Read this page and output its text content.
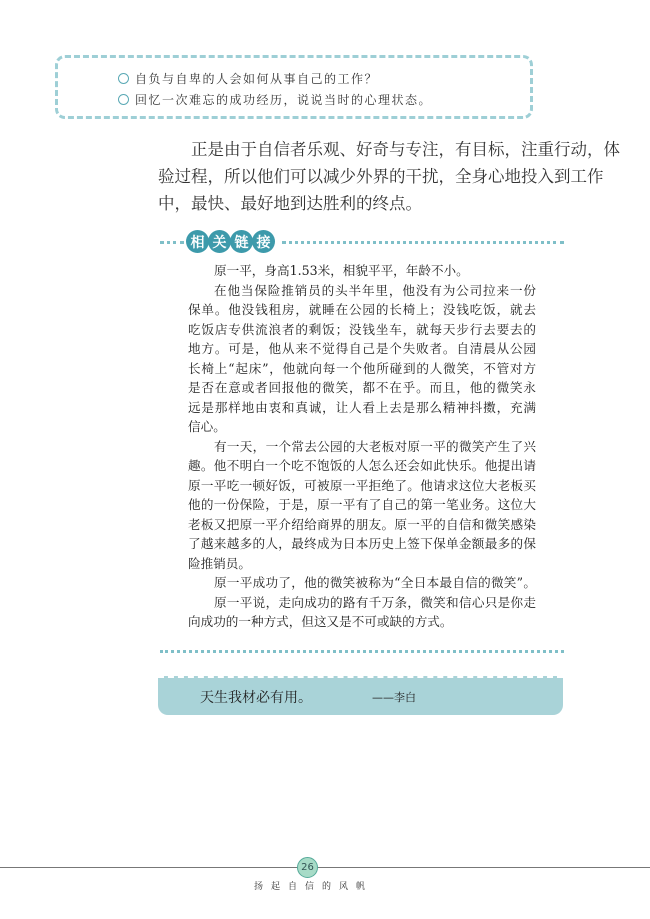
自负与自卑的人会如何从事自己的工作？
回忆一次难忘的成功经历，说说当时的心理状态。
正是由于自信者乐观、好奇与专注，有目标，注重行动，体
验过程，所以他们可以减少外界的干扰，全身心地投入到工作
中，最快、最好地到达胜利的终点。
相 关 链 接
原一平，身高1.53米，相貌平平，年龄不小。
在他当保险推销员的头半年里，他没有为公司拉来一份
保单。他没钱租房，就睡在公园的长椅上；没钱吃饭，就去
吃饭店专供流浪者的剩饭；没钱坐车，就每天步行去要去的
地方。可是，他从来不觉得自己是个失败者。自清晨从公园
长椅上“起床”，他就向每一个他所碰到的人微笑，不管对方
是否在意或者回报他的微笑，都不在乎。而且，他的微笑永
远是那样地由衷和真诚，让人看上去是那么精神抖擞，充满
信心。
有一天，一个常去公园的大老板对原一平的微笑产生了兴
趣。他不明白一个吃不饱饭的人怎么还会如此快乐。他提出请
原一平吃一顿好饭，可被原一平拒绝了。他请求这位大老板买
他的一份保险，于是，原一平有了自己的第一笔业务。这位大
老板又把原一平介绍给商界的朋友。原一平的自信和微笑感染
了越来越多的人，最终成为日本历史上签下保单金额最多的保
险推销员。
原一平成功了，他的微笑被称为“全日本最自信的微笑”。
原一平说，走向成功的路有千万条，微笑和信心只是你走
向成功的一种方式，但这又是不可或缺的方式。
天生我材必有用。	——李白
26
扬起自信的风帆
